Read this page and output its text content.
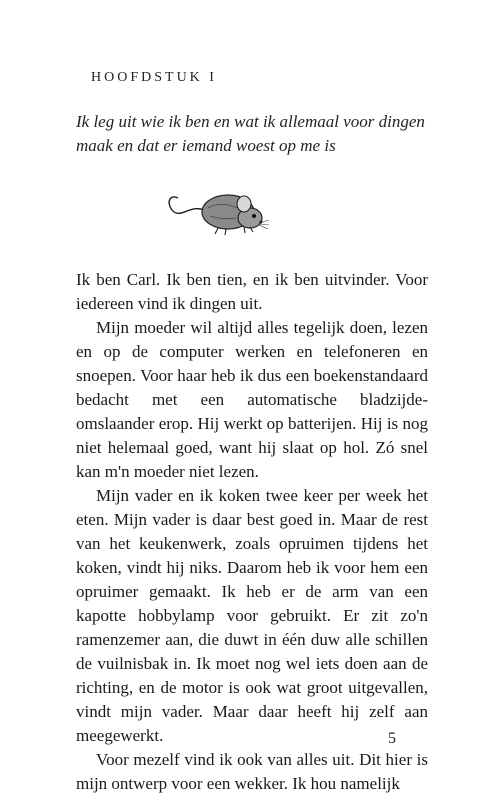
HOOFDSTUK I
Ik leg uit wie ik ben en wat ik allemaal voor dingen maak en dat er iemand woest op me is

Ik ben Carl. Ik ben tien, en ik ben uitvinder. Voor iedereen vind ik dingen uit.

Mijn moeder wil altijd alles tegelijk doen, lezen en op de computer werken en telefoneren en snoepen. Voor haar heb ik dus een boekenstandaard bedacht met een automatische bladzijde-omslaander erop. Hij werkt op batterijen. Hij is nog niet helemaal goed, want hij slaat op hol. Zó snel kan m'n moeder niet lezen.

Mijn vader en ik koken twee keer per week het eten. Mijn vader is daar best goed in. Maar de rest van het keukenwerk, zoals opruimen tijdens het koken, vindt hij niks. Daarom heb ik voor hem een opruimer gemaakt. Ik heb er de arm van een kapotte hobbylamp voor gebruikt. Er zit zo'n ramenzemer aan, die duwt in één duw alle schillen de vuilnisbak in. Ik moet nog wel iets doen aan de richting, en de motor is ook wat groot uitgevallen, vindt mijn vader. Maar daar heeft hij zelf aan meegewerkt.

Voor mezelf vind ik ook van alles uit. Dit hier is mijn ontwerp voor een wekker. Ik hou namelijk

5
